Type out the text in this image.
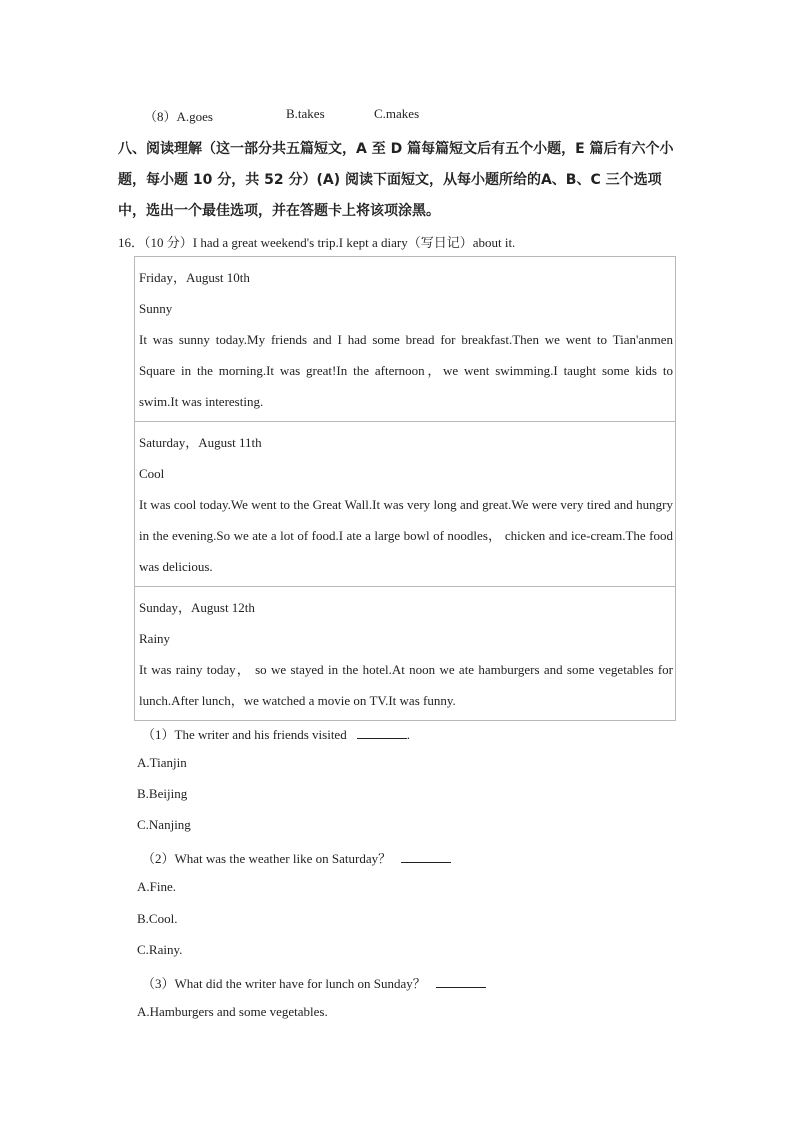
（8）A.goes	B.takes	C.makes
八、阅读理解（这一部分共五篇短文，A 至 D 篇每篇短文后有五个小题，E 篇后有六个小题，每小题 10 分，共 52 分）(A) 阅读下面短文，从每小题所给的A、B、C 三个选项中，选出一个最佳选项，并在答题卡上将该项涂黑。
16．（10 分）I had a great weekend's trip.I kept a diary（写日记）about it.
Friday，August 10th
Sunny
It was sunny today.My friends and I had some bread for breakfast.Then we went to Tian'anmen Square in the morning.It was great!In the afternoon，we went swimming.I taught some kids to swim.It was interesting.
Saturday，August 11th
Cool
It was cool today.We went to the Great Wall.It was very long and great.We were very tired and hungry in the evening.So we ate a lot of food.I ate a large bowl of noodles， chicken and ice-cream.The food was delicious.
Sunday，August 12th
Rainy
It was rainy today， so we stayed in the hotel.At noon we ate hamburgers and some vegetables for lunch.After lunch，we watched a movie on TV.It was funny.
（1）The writer and his friends visited	.
A.Tianjin
B.Beijing
C.Nanjing
（2）What was the weather like on Saturday？
A.Fine.
B.Cool.
C.Rainy.
（3）What did the writer have for lunch on Sunday？
A.Hamburgers and some vegetables.
